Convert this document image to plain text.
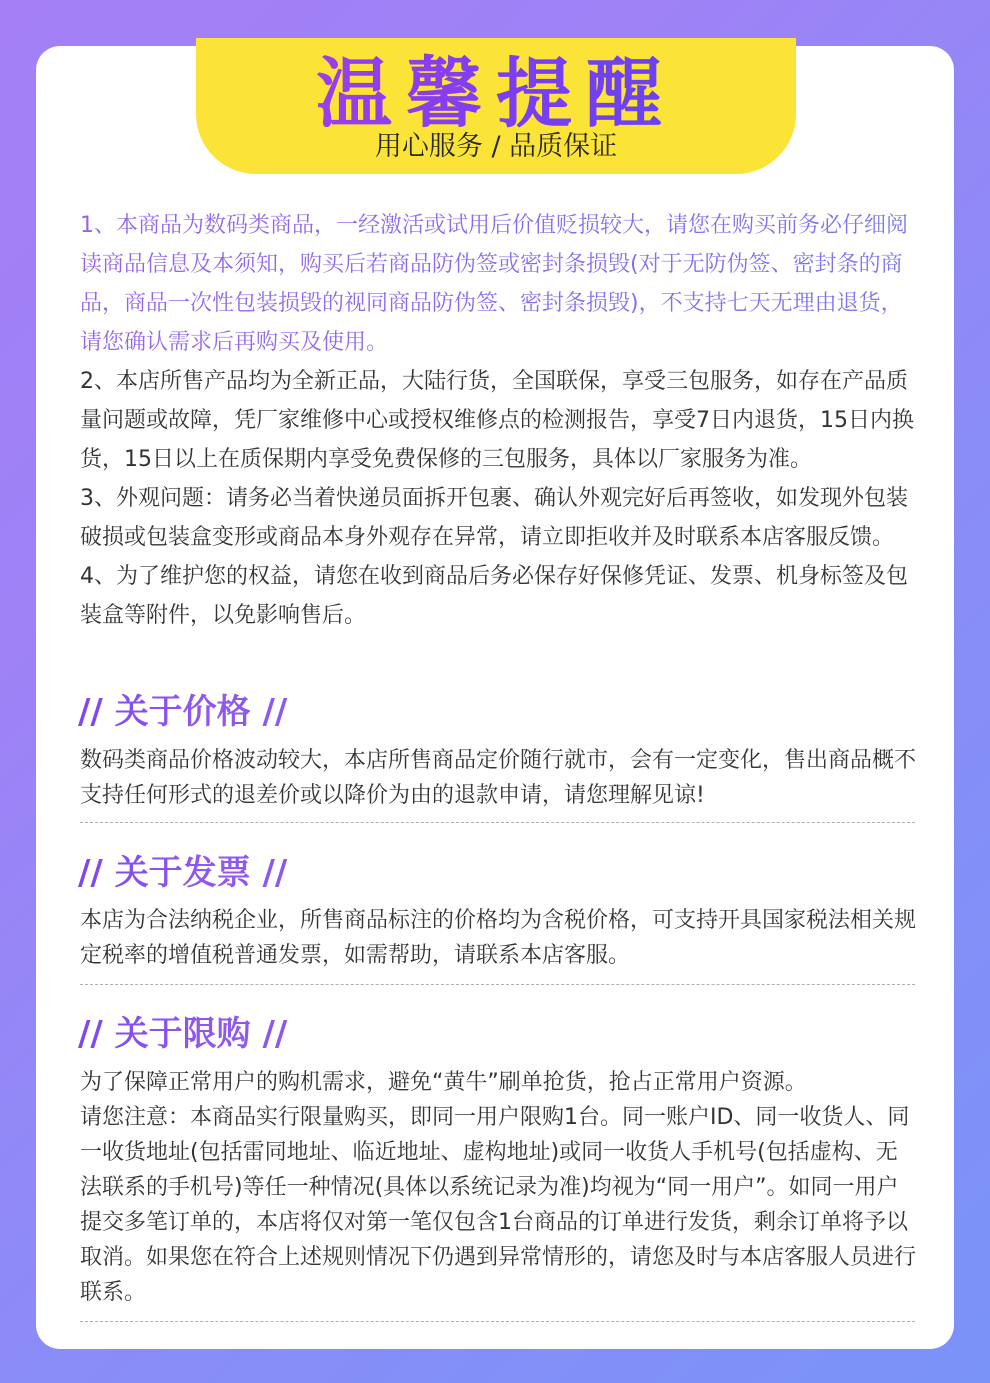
温馨提醒
用心服务 / 品质保证

1、本商品为数码类商品，一经激活或试用后价值贬损较大，请您在购买前务必仔细阅读商品信息及本须知，购买后若商品防伪签或密封条损毁(对于无防伪签、密封条的商品，商品一次性包装损毁的视同商品防伪签、密封条损毁)，不支持七天无理由退货，请您确认需求后再购买及使用。

2、本店所售产品均为全新正品，大陆行货，全国联保，享受三包服务，如存在产品质量问题或故障，凭厂家维修中心或授权维修点的检测报告，享受7日内退货，15日内换货，15日以上在质保期内享受免费保修的三包服务，具体以厂家服务为准。

3、外观问题：请务必当着快递员面拆开包裹、确认外观完好后再签收，如发现外包装破损或包装盒变形或商品本身外观存在异常，请立即拒收并及时联系本店客服反馈。

4、为了维护您的权益，请您在收到商品后务必保存好保修凭证、发票、机身标签及包装盒等附件，以免影响售后。

// 关于价格 //

数码类商品价格波动较大，本店所售商品定价随行就市，会有一定变化，售出商品概不支持任何形式的退差价或以降价为由的退款申请，请您理解见谅!

// 关于发票 //

本店为合法纳税企业，所售商品标注的价格均为含税价格，可支持开具国家税法相关规定税率的增值税普通发票，如需帮助，请联系本店客服。

// 关于限购 //

为了保障正常用户的购机需求，避免“黄牛”刷单抢货，抢占正常用户资源。

请您注意：本商品实行限量购买，即同一用户限购1台。同一账户ID、同一收货人、同一收货地址(包括雷同地址、临近地址、虚构地址)或同一收货人手机号(包括虚构、无法联系的手机号)等任一种情况(具体以系统记录为准)均视为“同一用户”。如同一用户提交多笔订单的，本店将仅对第一笔仅包含1台商品的订单进行发货，剩余订单将予以取消。如果您在符合上述规则情况下仍遇到异常情形的，请您及时与本店客服人员进行联系。
